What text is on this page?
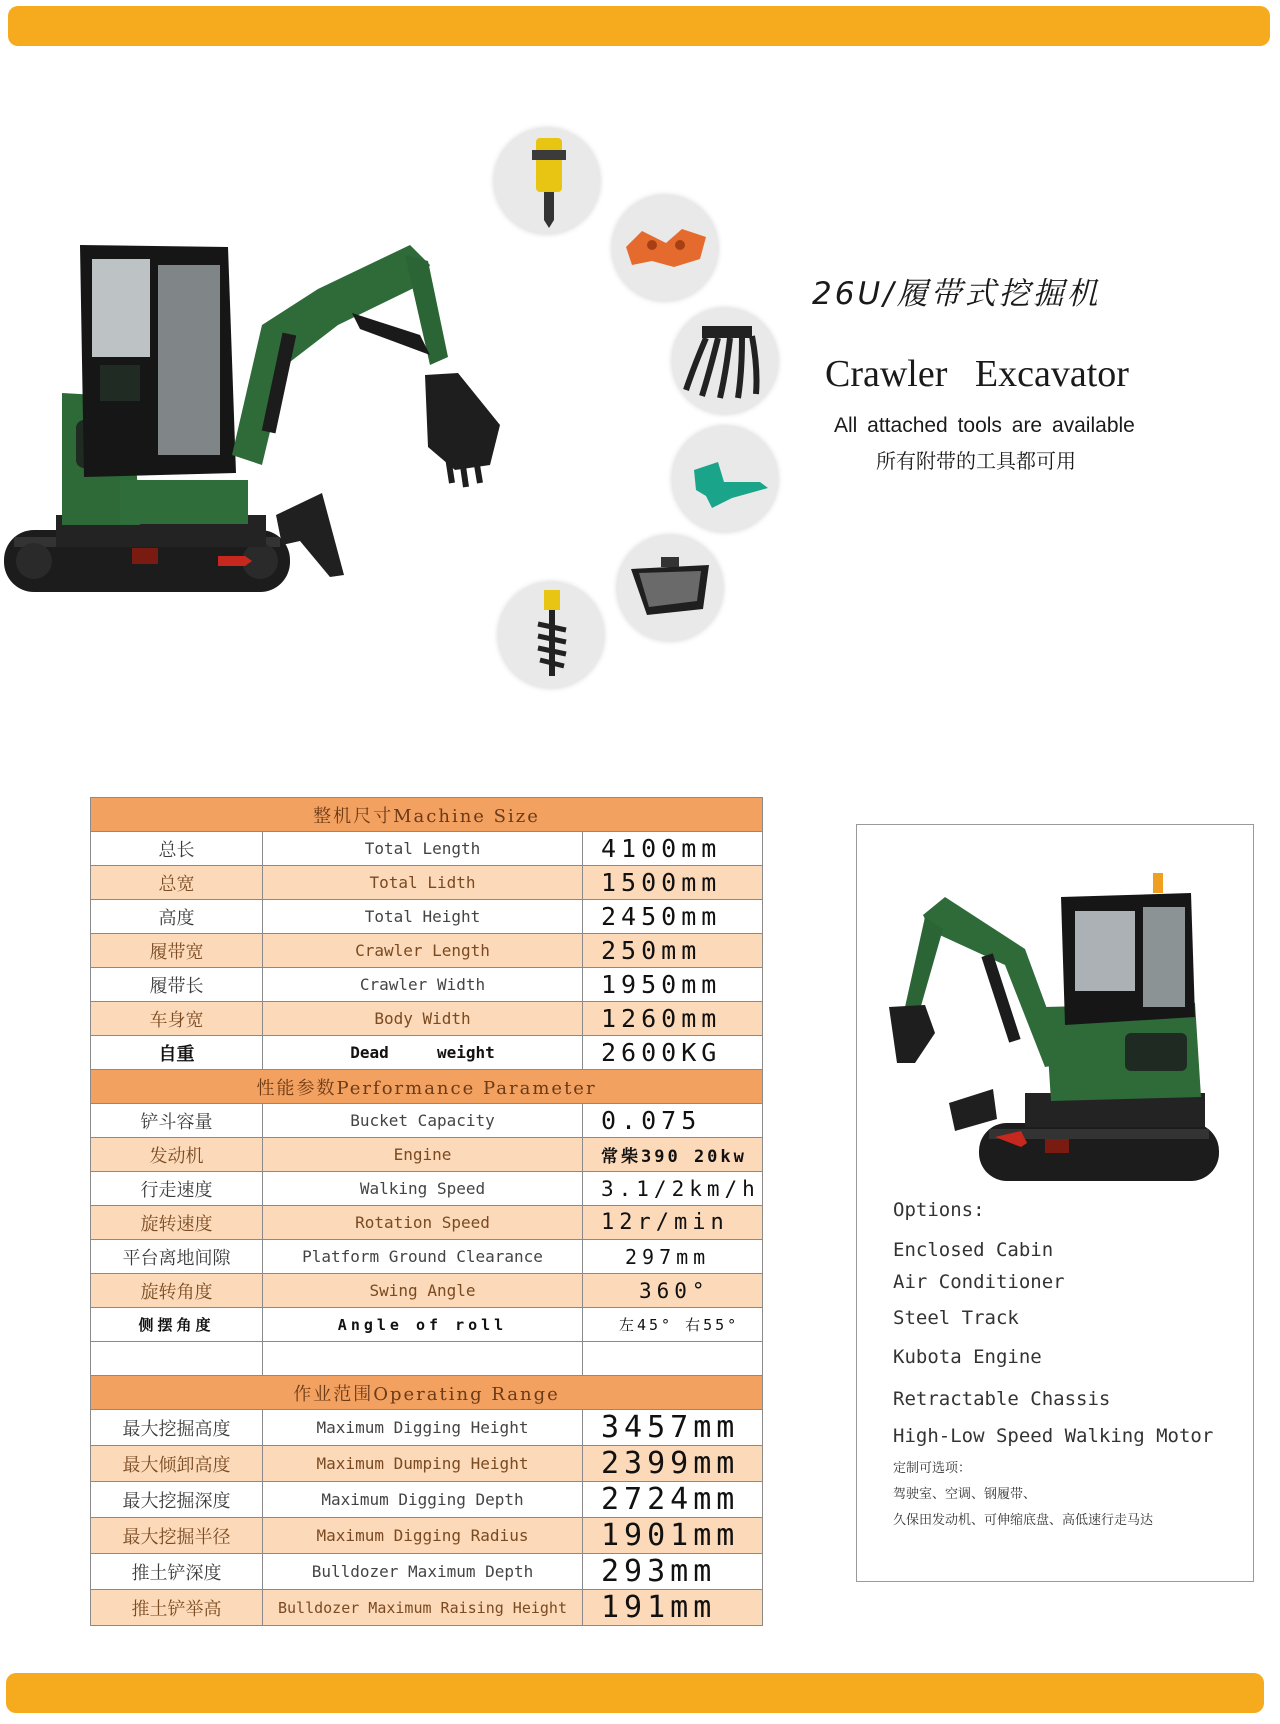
26U/履带式挖掘机
Crawler Excavator
All attached tools are available
所有附带的工具都可用
整机尺寸Machine Size		
总长	Total Length	4100mm
总宽	Total Lidth	1500mm
高度	Total Height	2450mm
履带宽	Crawler Length	250mm
履带长	Crawler Width	1950mm
车身宽	Body Width	1260mm
自重	Dead     weight	2600KG
性能参数Performance Parameter		
铲斗容量	Bucket Capacity	0.075
发动机	Engine	常柴390 20kw
行走速度	Walking Speed	3.1/2km/h
旋转速度	Rotation Speed	12r/min
平台离地间隙	Platform Ground Clearance	297mm
旋转角度	Swing Angle	360°
侧摆角度	Angle of roll	左45° 右55°

作业范围Operating Range		
最大挖掘高度	Maximum Digging Height	3457mm
最大倾卸高度	Maximum Dumping Height	2399mm
最大挖掘深度	Maximum Digging Depth	2724mm
最大挖掘半径	Maximum Digging Radius	1901mm
推土铲深度	Bulldozer Maximum Depth	293mm
推土铲举高	Bulldozer Maximum Raising Height	191mm
Options:
Enclosed Cabin
Air Conditioner
Steel Track
Kubota Engine
Retractable Chassis
High-Low Speed Walking Motor
定制可选项：
驾驶室、空调、钢履带、
久保田发动机、可伸缩底盘、高低速行走马达
